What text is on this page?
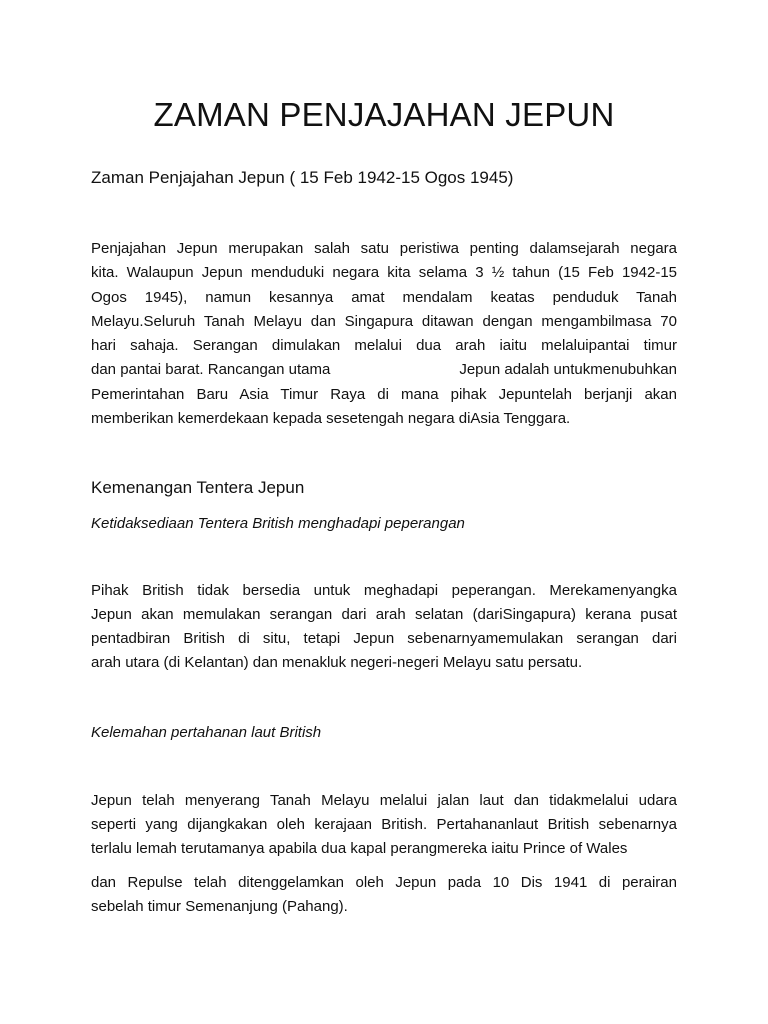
ZAMAN PENJAJAHAN JEPUN
Zaman Penjajahan Jepun ( 15 Feb 1942-15 Ogos 1945)
Penjajahan Jepun merupakan salah satu peristiwa penting dalamsejarah negara
kita. Walaupun Jepun menduduki negara kita selama 3 ½ tahun (15 Feb 1942-15
Ogos 1945), namun kesannya amat mendalam keatas penduduk Tanah
Melayu.Seluruh Tanah Melayu dan Singapura ditawan dengan mengambilmasa 70
hari sahaja. Serangan dimulakan melalui dua arah iaitu melaluipantai timur
dan pantai barat. Rancangan utama	Jepun adalah untukmenubuhkan
Pemerintahan Baru Asia Timur Raya di mana pihak Jepuntelah berjanji akan
memberikan kemerdekaan kepada sesetengah negara diAsia Tenggara.
Kemenangan Tentera Jepun
Ketidaksediaan Tentera British menghadapi peperangan
Pihak British tidak bersedia untuk meghadapi peperangan. Merekamenyangka
Jepun akan memulakan serangan dari arah selatan (dariSingapura) kerana pusat
pentadbiran British di situ, tetapi Jepun sebenarnyamemulakan serangan dari
arah utara (di Kelantan) dan menakluk negeri-negeri Melayu satu persatu.
Kelemahan pertahanan laut British
Jepun telah menyerang Tanah Melayu melalui jalan laut dan tidakmelalui udara
seperti yang dijangkakan oleh kerajaan British. Pertahananlaut British sebenarnya
terlalu lemah terutamanya apabila dua kapal perangmereka iaitu Prince of Wales
dan Repulse telah ditenggelamkan oleh Jepun pada 10 Dis 1941 di perairan
sebelah timur Semenanjung (Pahang).
